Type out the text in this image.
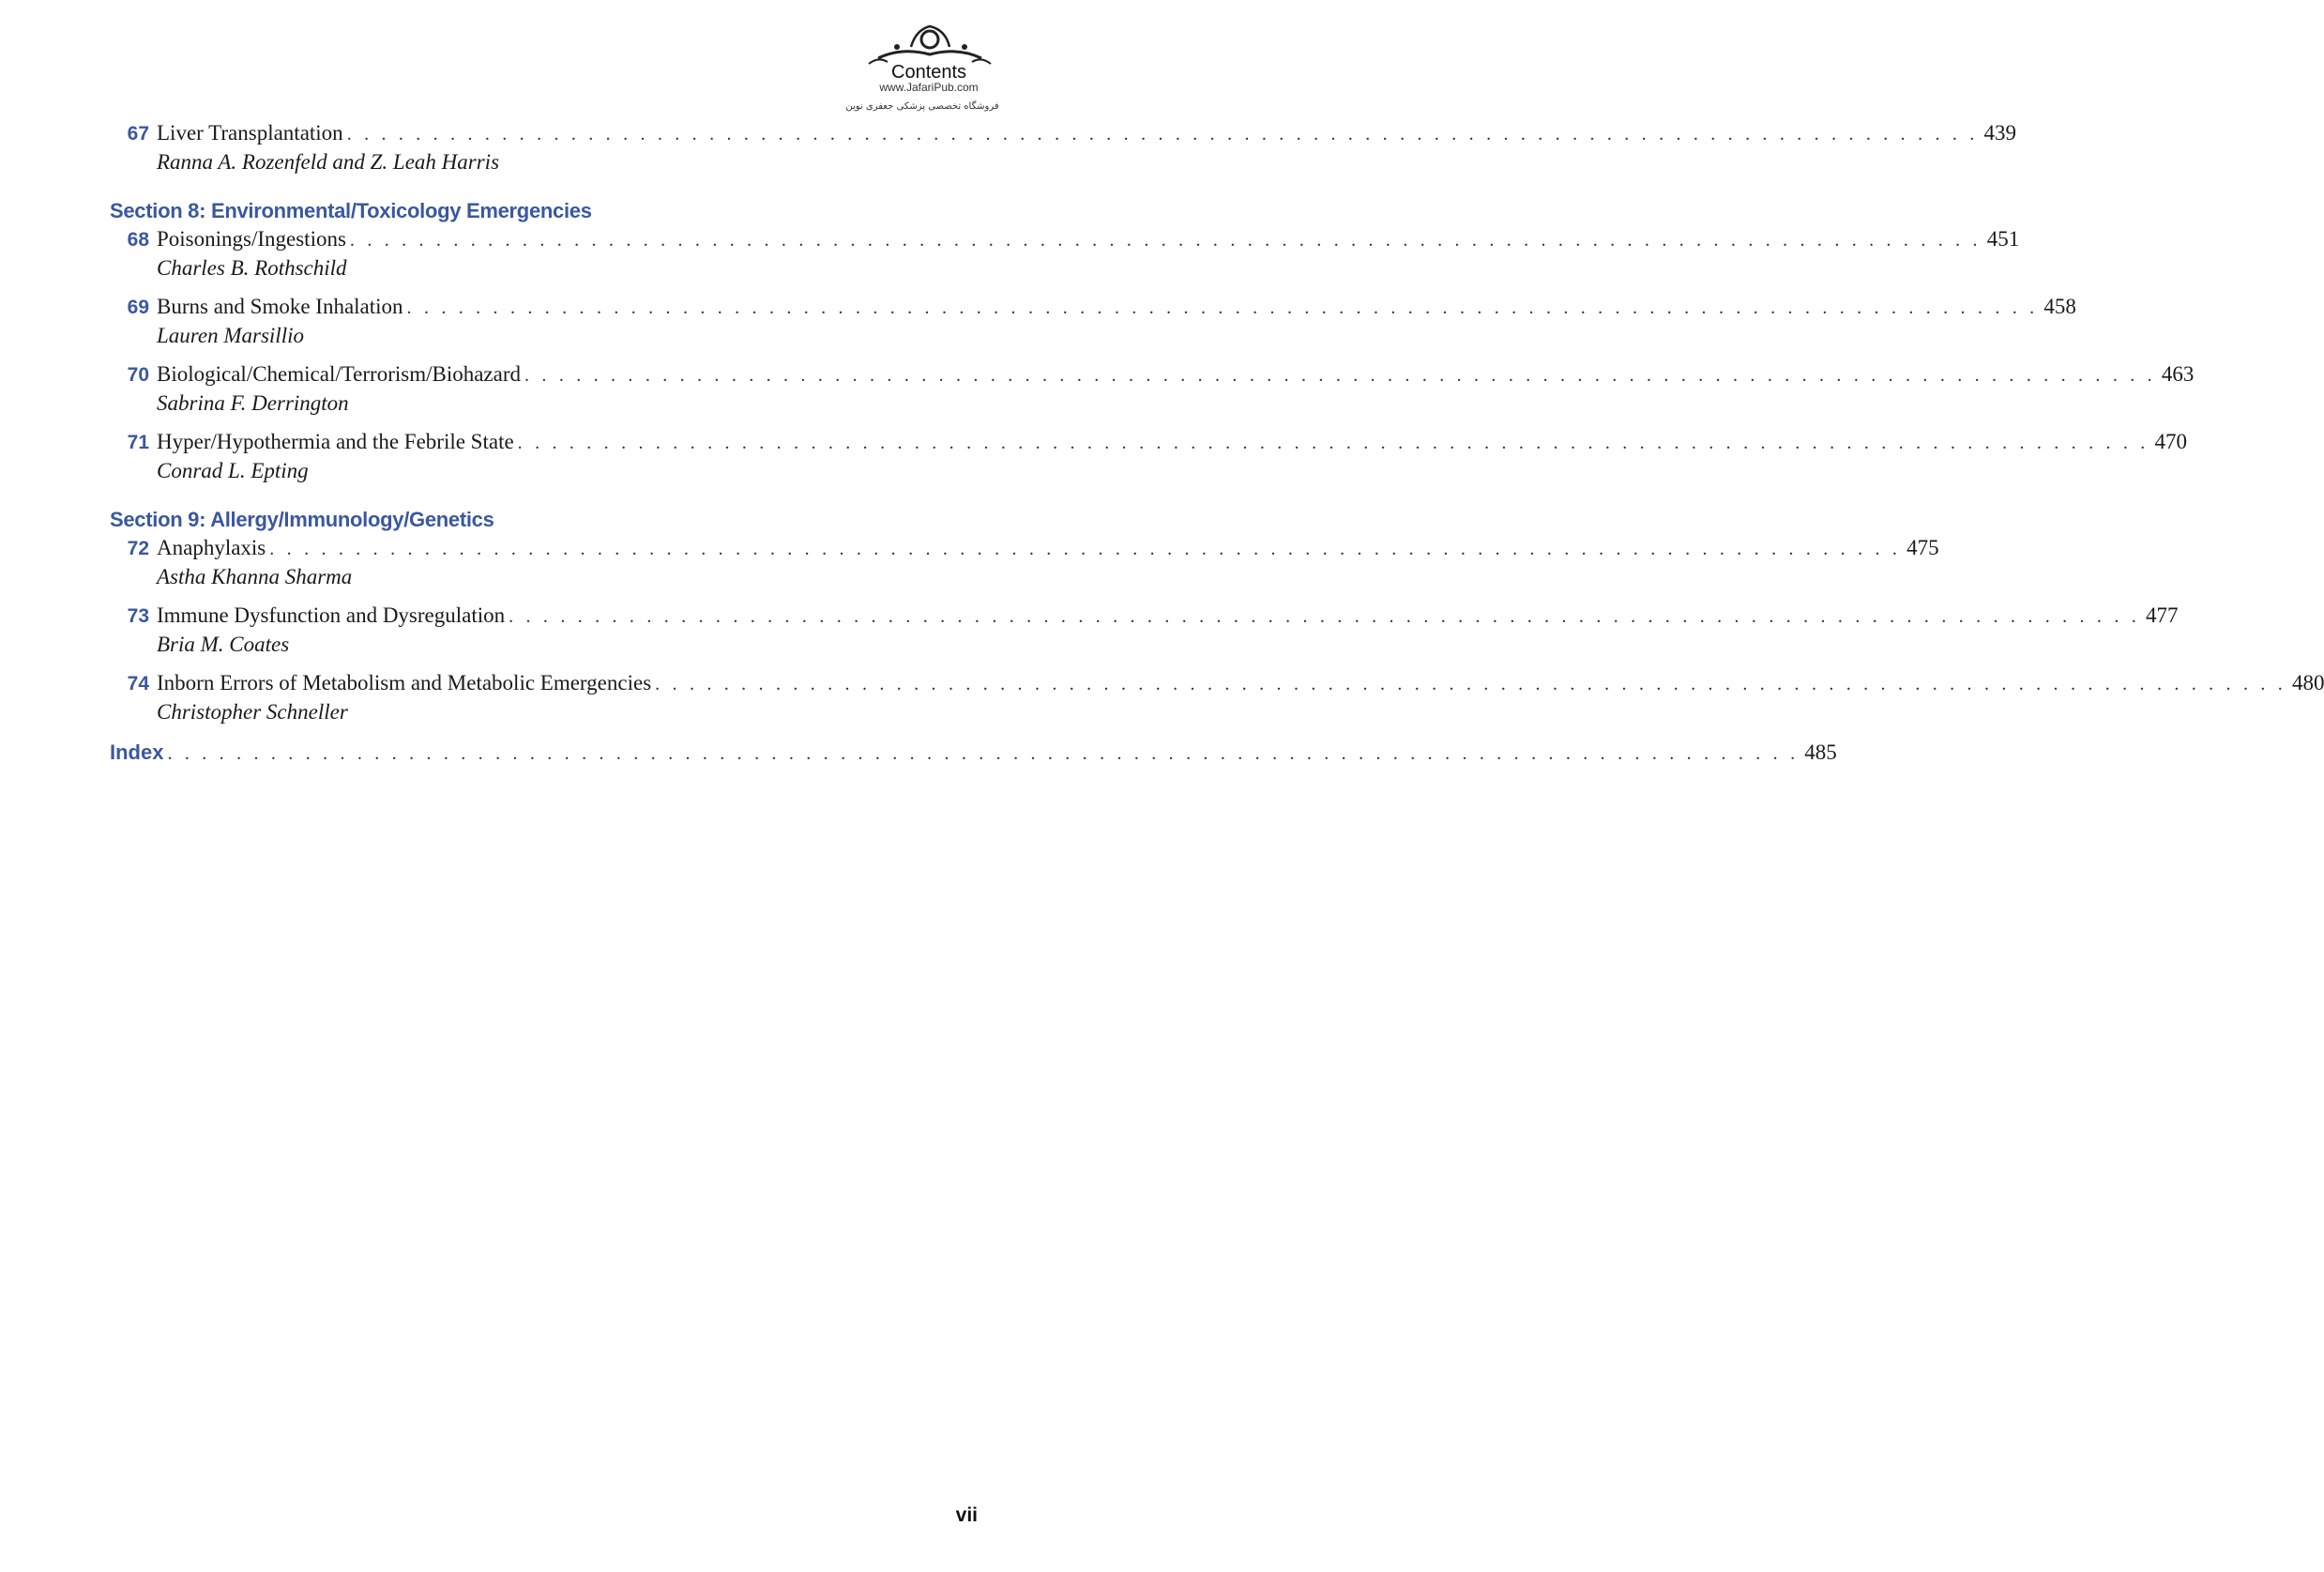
Contents
www.JafariPub.com
فروشگاه تخصصی پزشکی جعفری نوین
67 Liver Transplantation . . . . . . . . . . . . . . . . . . . . . . . . . . . . . . . . . . . . . . . . . . . . . . . . . . . . . . . . . . . . . . . . . . . . . . . . . . . . . . . . . . . . . . . . . . . . . . . 439
Ranna A. Rozenfeld and Z. Leah Harris
Section 8: Environmental/Toxicology Emergencies
68 Poisonings/Ingestions . . . . . . . . . . . . . . . . . . . . . . . . . . . . . . . . . . . . . . . . . . . . . . . . . . . . . . . . . . . . . . . . . . . . . . . . . . . . . . . . . . . . . . . . . . . . . . . 451
Charles B. Rothschild
69 Burns and Smoke Inhalation . . . . . . . . . . . . . . . . . . . . . . . . . . . . . . . . . . . . . . . . . . . . . . . . . . . . . . . . . . . . . . . . . . . . . . . . . . . . . . . . . . . . . . . . . . . . . . . 458
Lauren Marsillio
70 Biological/Chemical/Terrorism/Biohazard . . . . . . . . . . . . . . . . . . . . . . . . . . . . . . . . . . . . . . . . . . . . . . . . . . . . . . . . . . . . . . . . . . . . . . . . . . . . . . . . . . . . . . . . . . . . . . . 463
Sabrina F. Derrington
71 Hyper/Hypothermia and the Febrile State . . . . . . . . . . . . . . . . . . . . . . . . . . . . . . . . . . . . . . . . . . . . . . . . . . . . . . . . . . . . . . . . . . . . . . . . . . . . . . . . . . . . . . . . . . . . . . . 470
Conrad L. Epting
Section 9: Allergy/Immunology/Genetics
72 Anaphylaxis . . . . . . . . . . . . . . . . . . . . . . . . . . . . . . . . . . . . . . . . . . . . . . . . . . . . . . . . . . . . . . . . . . . . . . . . . . . . . . . . . . . . . . . . . . . . . . . 475
Astha Khanna Sharma
73 Immune Dysfunction and Dysregulation . . . . . . . . . . . . . . . . . . . . . . . . . . . . . . . . . . . . . . . . . . . . . . . . . . . . . . . . . . . . . . . . . . . . . . . . . . . . . . . . . . . . . . . . . . . . . . . 477
Bria M. Coates
74 Inborn Errors of Metabolism and Metabolic Emergencies . . . . . . . . . . . . . . . . . . . . . . . . . . . . . . . . . . . . . . . . . . . . . . . . . . . . . . . . . . . . . . . . . . . . . . . . . . . . . . . . . . . . . . . . . . . . . . . 480
Christopher Schneller
Index . . . . . . . . . . . . . . . . . . . . . . . . . . . . . . . . . . . . . . . . . . . . . . . . . . . . . . . . . . . . . . . . . . . . . . . . . . . . . . . . . . . . . . . . . . . . . . . 485
vii
